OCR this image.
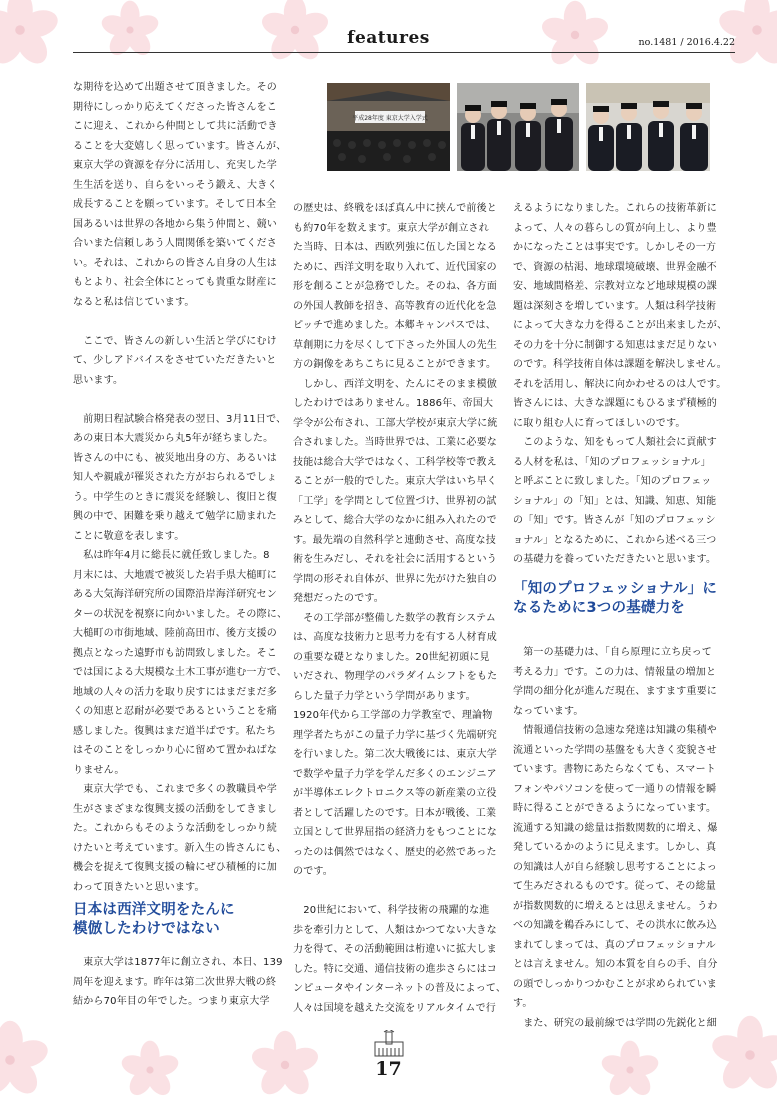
features	no.1481 / 2016.4.22
平成28年度 東京大学入学式

な期待を込めて出題させて頂きました。その

期待にしっかり応えてくださった皆さんをこ

こに迎え、これから仲間として共に活動でき

ることを大変嬉しく思っています。皆さんが、

東京大学の資源を存分に活用し、充実した学

生生活を送り、自らをいっそう鍛え、大きく

成長することを願っています。そして日本全

国あるいは世界の各地から集う仲間と、競い

合いまた信頼しあう人間関係を築いてくださ

い。それは、これからの皆さん自身の人生は

もとより、社会全体にとっても貴重な財産に

なると私は信じています。

　ここで、皆さんの新しい生活と学びにむけ

て、少しアドバイスをさせていただきたいと

思います。

　前期日程試験合格発表の翌日、3月11日で、

あの東日本大震災から丸5年が経ちました。

皆さんの中にも、被災地出身の方、あるいは

知人や親戚が罹災された方がおられるでしょ

う。中学生のときに震災を経験し、復旧と復

興の中で、困難を乗り越えて勉学に励まれた

ことに敬意を表します。

　私は昨年4月に総長に就任致しました。8

月末には、大地震で被災した岩手県大槌町に

ある大気海洋研究所の国際沿岸海洋研究セン

ターの状況を視察に向かいました。その際に、

大槌町の市街地域、陸前高田市、後方支援の

拠点となった遠野市も訪問致しました。そこ

では国による大規模な土木工事が進む一方で、

地域の人々の活力を取り戻すにはまだまだ多

くの知恵と忍耐が必要であるということを痛

感しました。復興はまだ道半ばです。私たち

はそのことをしっかり心に留めて置かねばな

りません。

　東京大学でも、これまで多くの教職員や学

生がさまざまな復興支援の活動をしてきまし

た。これからもそのような活動をしっかり続

けたいと考えています。新入生の皆さんにも、

機会を捉えて復興支援の輪にぜひ積極的に加

わって頂きたいと思います。

日本は西洋文明をたんに
模倣したわけではない

　東京大学は1877年に創立され、本日、139

周年を迎えます。昨年は第二次世界大戦の終

結から70年目の年でした。つまり東京大学

の歴史は、終戦をほぼ真ん中に挟んで前後と

も約70年を数えます。東京大学が創立され

た当時、日本は、西欧列強に伍した国となる

ために、西洋文明を取り入れて、近代国家の

形を創ることが急務でした。そのね、各方面

の外国人教師を招き、高等教育の近代化を急

ピッチで進めました。本郷キャンパスでは、

草創期に力を尽くして下さった外国人の先生

方の銅像をあちこちに見ることができます。

　しかし、西洋文明を、たんにそのまま模倣

したわけではありません。1886年、帝国大

学令が公布され、工部大学校が東京大学に統

合されました。当時世界では、工業に必要な

技能は総合大学ではなく、工科学校等で教え

ることが一般的でした。東京大学はいち早く

「工学」を学問として位置づけ、世界初の試

みとして、総合大学のなかに組み入れたので

す。最先端の自然科学と連動させ、高度な技

術を生みだし、それを社会に活用するという

学問の形それ自体が、世界に先がけた独自の

発想だったのです。

　その工学部が整備した数学の教育システム

は、高度な技術力と思考力を有する人材育成

の重要な礎となりました。20世紀初頭に見

いだされ、物理学のパラダイムシフトをもた

らした量子力学という学問があります。

1920年代から工学部の力学教室で、理論物

理学者たちがこの量子力学に基づく先端研究

を行いました。第二次大戦後には、東京大学

で数学や量子力学を学んだ多くのエンジニア

が半導体エレクトロニクス等の新産業の立役

者として活躍したのです。日本が戦後、工業

立国として世界屈指の経済力をもつことにな

ったのは偶然ではなく、歴史的必然であった

のです。

　20世紀において、科学技術の飛躍的な進

歩を牽引力として、人類はかつてない大きな

力を得て、その活動範囲は桁違いに拡大しま

した。特に交通、通信技術の進歩さらにはコ

ンピュータやインターネットの普及によって、

人々は国境を越えた交流をリアルタイムで行

えるようになりました。これらの技術革新に

よって、人々の暮らしの質が向上し、より豊

かになったことは事実です。しかしその一方

で、資源の枯渇、地球環境破壊、世界金融不

安、地域間格差、宗教対立など地球規模の課

題は深刻さを増しています。人類は科学技術

によって大きな力を得ることが出来ましたが、

その力を十分に制御する知恵はまだ足りない

のです。科学技術自体は課題を解決しません。

それを活用し、解決に向かわせるのは人です。

皆さんには、大きな課題にもひるまず積極的

に取り組む人に育ってほしいのです。

　このような、知をもって人類社会に貢献す

る人材を私は、「知のプロフェッショナル」

と呼ぶことに致しました。「知のプロフェッ

ショナル」の「知」とは、知識、知恵、知能

の「知」です。皆さんが「知のプロフェッシ

ョナル」となるために、これから述べる三つ

の基礎力を養っていただきたいと思います。

「知のプロフェッショナル」に
なるために3つの基礎力を

　第一の基礎力は、「自ら原理に立ち戻って

考える力」です。この力は、情報量の増加と

学問の細分化が進んだ現在、ますます重要に

なっています。

　情報通信技術の急速な発達は知識の集積や

流通といった学問の基盤をも大きく変貌させ

ています。書物にあたらなくても、スマート

フォンやパソコンを使って一通りの情報を瞬

時に得ることができるようになっています。

流通する知識の総量は指数関数的に増え、爆

発しているかのように見えます。しかし、真

の知識は人が自ら経験し思考することによっ

て生みだされるものです。従って、その総量

が指数関数的に増えるとは思えません。うわ

べの知識を鵜呑みにして、その洪水に飲み込

まれてしまっては、真のプロフェッショナル

とは言えません。知の本質を自らの手、自分

の頭でしっかりつかむことが求められていま

す。

　また、研究の最前線では学問の先鋭化と細

17
